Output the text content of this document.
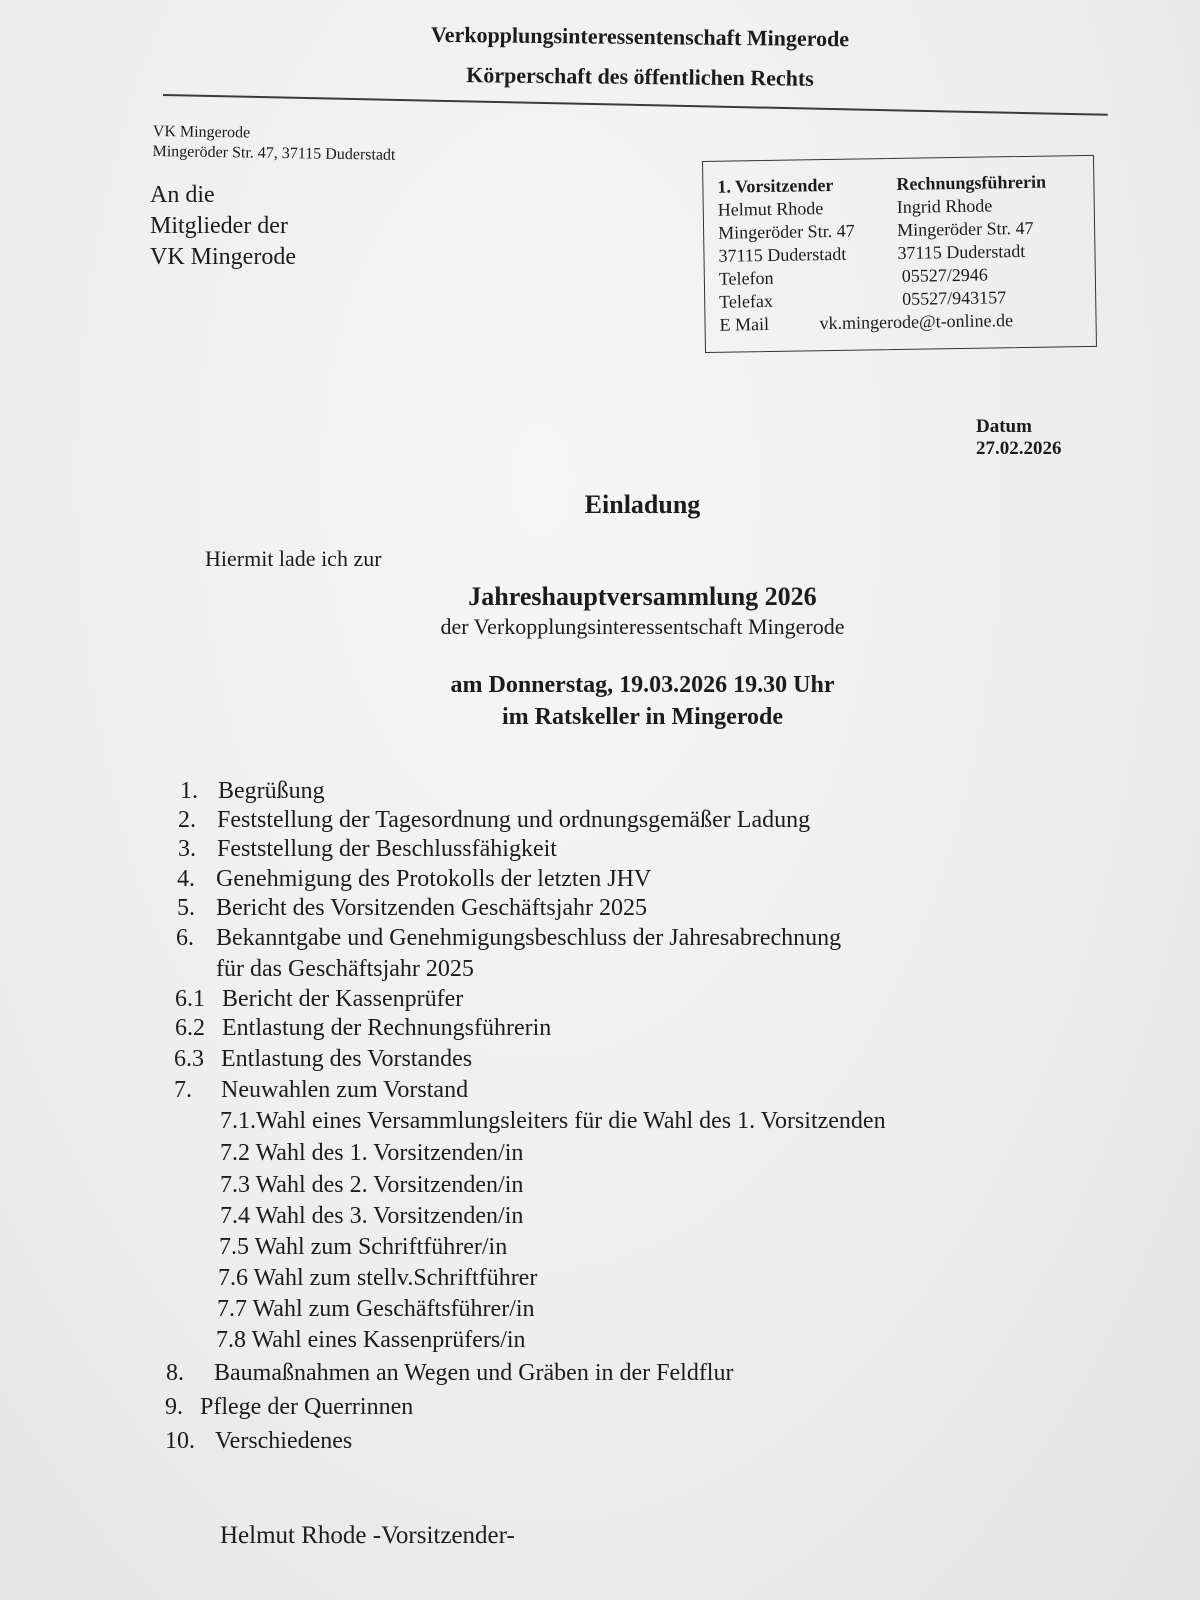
Verkopplungsinteressentenschaft Mingerode
Körperschaft des öffentlichen Rechts
VK Mingerode
Mingeröder Str. 47, 37115 Duderstadt
An die
Mitglieder der
VK Mingerode
1. Vorsitzender
Helmut Rhode
Mingeröder Str. 47
37115 Duderstadt
Telefon
Telefax
Rechnungsführerin
Ingrid Rhode
Mingeröder Str. 47
37115 Duderstadt
05527/2946
05527/943157
E Mail	vk.mingerode@t-online.de
Datum
27.02.2026
Einladung
Hiermit lade ich zur
Jahreshauptversammlung 2026
der Verkopplungsinteressentschaft Mingerode
am Donnerstag, 19.03.2026 19.30 Uhr
im Ratskeller in Mingerode
1. Begrüßung
2. Feststellung der Tagesordnung und ordnungsgemäßer Ladung
3. Feststellung der Beschlussfähigkeit
4. Genehmigung des Protokolls der letzten JHV
5. Bericht des Vorsitzenden Geschäftsjahr 2025
6. Bekanntgabe und Genehmigungsbeschluss der Jahresabrechnung
für das Geschäftsjahr 2025
6.1 Bericht der Kassenprüfer
6.2 Entlastung der Rechnungsführerin
6.3 Entlastung des Vorstandes
7. Neuwahlen zum Vorstand
7.1.Wahl eines Versammlungsleiters für die Wahl des 1. Vorsitzenden
7.2 Wahl des 1. Vorsitzenden/in
7.3 Wahl des 2. Vorsitzenden/in
7.4 Wahl des 3. Vorsitzenden/in
7.5 Wahl zum Schriftführer/in
7.6 Wahl zum stellv.Schriftführer
7.7 Wahl zum Geschäftsführer/in
7.8 Wahl eines Kassenprüfers/in
8. Baumaßnahmen an Wegen und Gräben in der Feldflur
9. Pflege der Querrinnen
10. Verschiedenes
Helmut Rhode -Vorsitzender-
